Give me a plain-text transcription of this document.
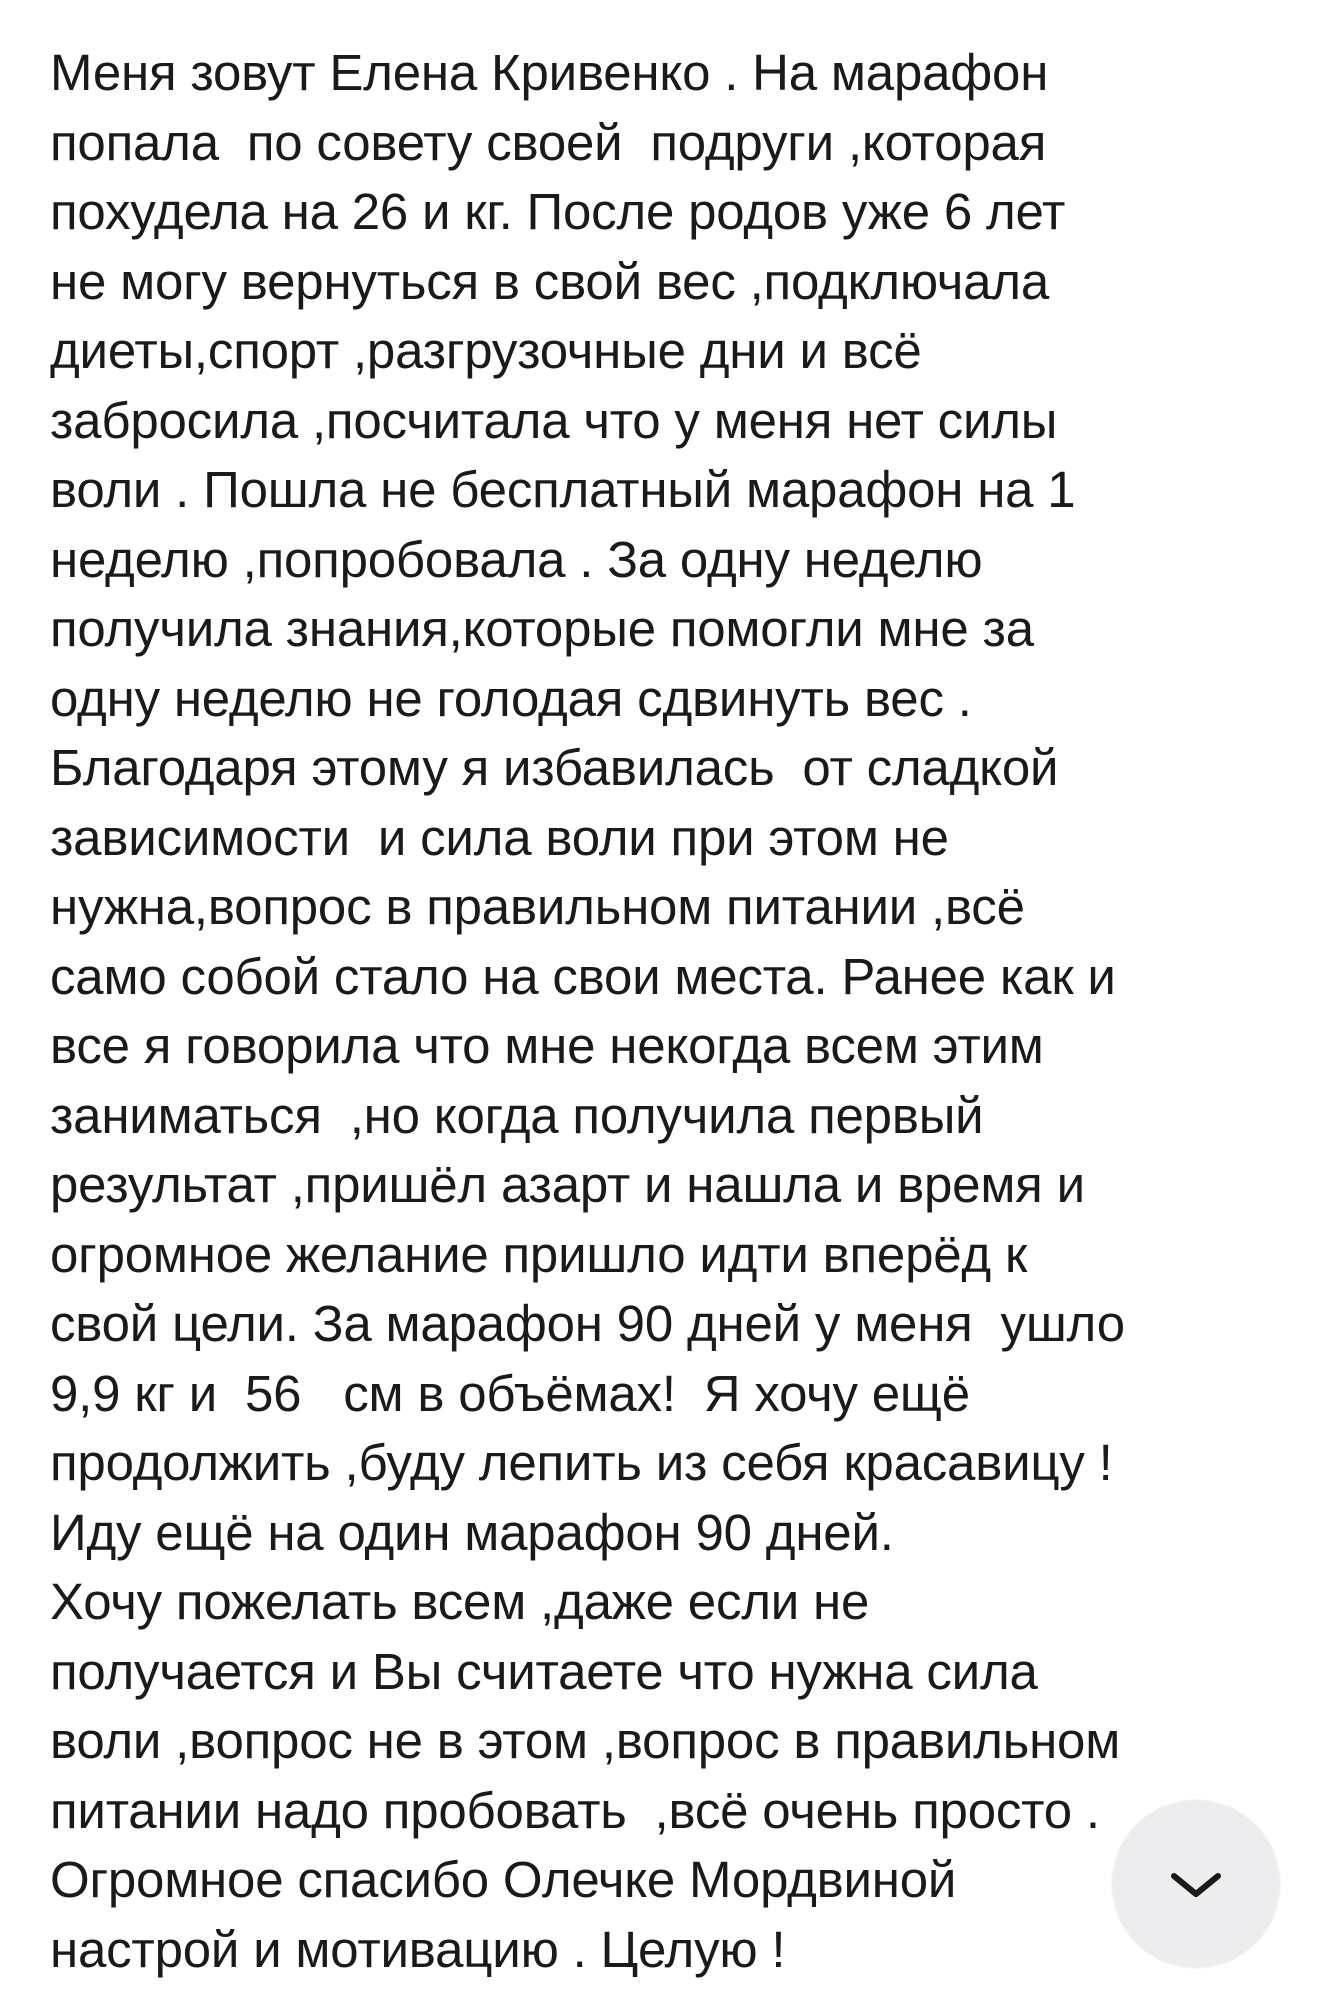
Меня зовут Елена Кривенко . На марафон
попала  по совету своей  подруги ,которая
похудела на 26 и кг. После родов уже 6 лет
не могу вернуться в свой вес ,подключала
диеты,спорт ,разгрузочные дни и всё
забросила ,посчитала что у меня нет силы
воли . Пошла не бесплатный марафон на 1
неделю ,попробовала . За одну неделю
получила знания,которые помогли мне за
одну неделю не голодая сдвинуть вес .
Благодаря этому я избавилась  от сладкой
зависимости  и сила воли при этом не
нужна,вопрос в правильном питании ,всё
само собой стало на свои места. Ранее как и
все я говорила что мне некогда всем этим
заниматься  ,но когда получила первый
результат ,пришёл азарт и нашла и время и
огромное желание пришло идти вперёд к
свой цели. За марафон 90 дней у меня  ушло
9,9 кг и  56   см в объёмах!  Я хочу ещё
продолжить ,буду лепить из себя красавицу !
Иду ещё на один марафон 90 дней.
Хочу пожелать всем ,даже если не
получается и Вы считаете что нужна сила
воли ,вопрос не в этом ,вопрос в правильном
питании надо пробовать  ,всё очень просто .
Огромное спасибо Олечке Мордвиной
настрой и мотивацию . Целую !
